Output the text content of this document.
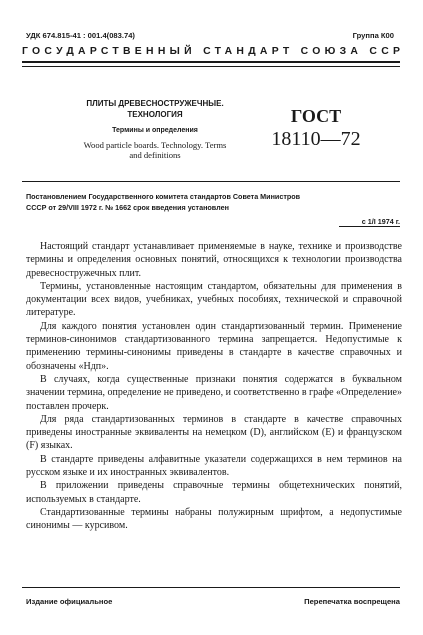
УДК 674.815-41 : 001.4(083.74)	Группа К00
ГОСУДАРСТВЕННЫЙ СТАНДАРТ СОЮЗА ССР
ПЛИТЫ ДРЕВЕСНОСТРУЖЕЧНЫЕ.
ТЕХНОЛОГИЯ
Термины и определения
Wood particle boards. Technology. Terms
and definitions
ГОСТ
18110—72
Постановлением Государственного комитета стандартов Совета Министров
СССР от 29/VIII 1972 г. № 1662 срок введения установлен
с 1/I 1974 г.

Настоящий стандарт устанавливает применяемые в науке, технике и производстве термины и определения основных понятий, относящихся к технологии производства древесностружечных плит.

Термины, установленные настоящим стандартом, обязательны для применения в документации всех видов, учебниках, учебных пособиях, технической и справочной литературе.

Для каждого понятия установлен один стандартизованный термин. Применение терминов-синонимов стандартизованного термина запрещается. Недопустимые к применению термины-синонимы приведены в стандарте в качестве справочных и обозначены «Ндп».

В случаях, когда существенные признаки понятия содержатся в буквальном значении термина, определение не приведено, и соответственно в графе «Определение» поставлен прочерк.

Для ряда стандартизованных терминов в стандарте в качестве справочных приведены иностранные эквиваленты на немецком (D), английском (E) и французском (F) языках.

В стандарте приведены алфавитные указатели содержащихся в нем терминов на русском языке и их иностранных эквивалентов.

В приложении приведены справочные термины общетехнических понятий, используемых в стандарте.

Стандартизованные термины набраны полужирным шрифтом, а недопустимые синонимы — курсивом.

Издание официальное	Перепечатка воспрещена
